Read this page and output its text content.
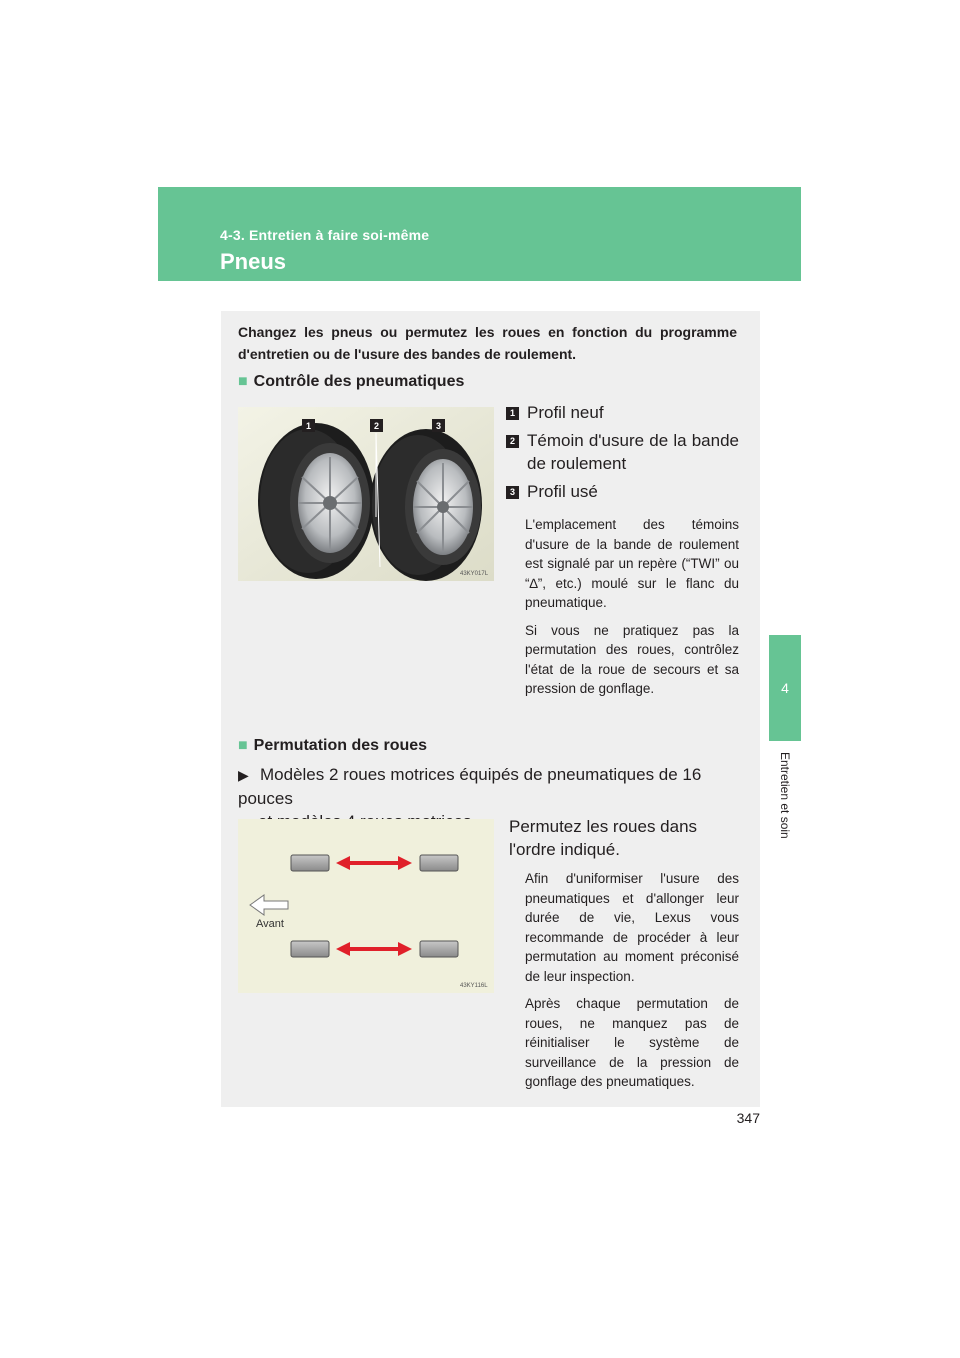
4-3. Entretien à faire soi-même
Pneus
4
Entretien et soin
Changez les pneus ou permutez les roues en fonction du programme d'entretien ou de l'usure des bandes de roulement.
■ Contrôle des pneumatiques
1	2	3
43KY017L
1 Profil neuf
2 Témoin d'usure de la bande de roulement
3 Profil usé

L'emplacement des témoins d'usure de la bande de roulement est signalé par un repère (“TWI” ou “∆”, etc.) moulé sur le flanc du pneumatique.

Si vous ne pratiquez pas la permutation des roues, contrôlez l'état de la roue de secours et sa pression de gonflage.

■ Permutation des roues
▶ Modèles 2 roues motrices équipés de pneumatiques de 16 pouces

Avant
43KY116L
Permutez les roues dans l'ordre indiqué.

Afin d'uniformiser l'usure des pneumatiques et d'allonger leur durée de vie, Lexus vous recommande de procéder à leur permutation au moment préconisé de leur inspection.

Après chaque permutation de roues, ne manquez pas de réinitialiser le système de surveillance de la pression de gonflage des pneumatiques.

347
